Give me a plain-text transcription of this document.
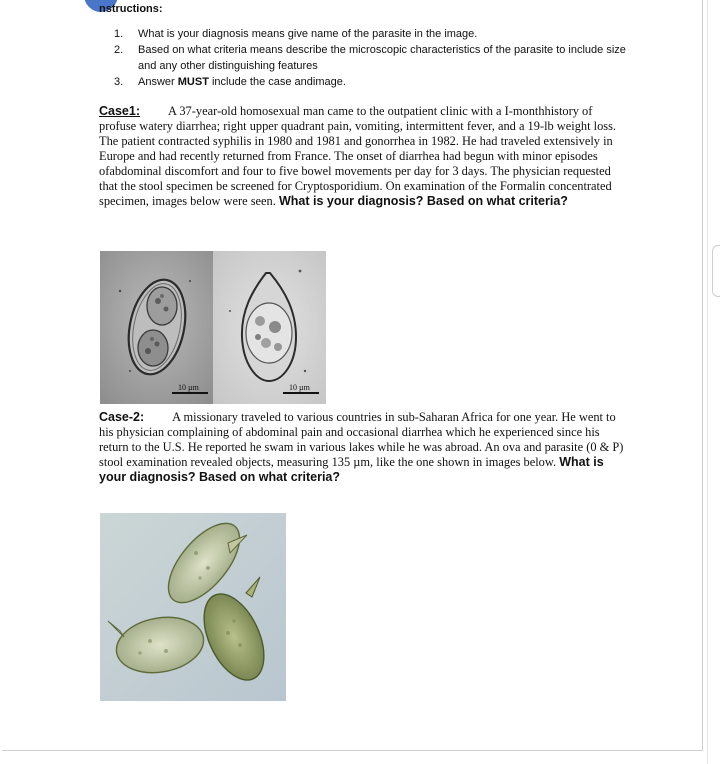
nstructions:
1.	What is your diagnosis means give name of the parasite in the image.
2.	Based on what criteria means describe the microscopic characteristics of the parasite to include size and any other distinguishing features
3.	Answer MUST include the case andimage.
Case1: A 37-year-old homosexual man came to the outpatient clinic with a I-monthhistory of profuse watery diarrhea; right upper quadrant pain, vomiting, intermittent fever, and a 19-lb weight loss. The patient contracted syphilis in 1980 and 1981 and gonorrhea in 1982. He had traveled extensively in Europe and had recently returned from France. The onset of diarrhea had begun with minor episodes ofabdominal discomfort and four to five bowel movements per day for 3 days. The physician requested that the stool specimen be screened for Cryptosporidium. On examination of the Formalin concentrated specimen, images below were seen. What is your diagnosis? Based on what criteria?
10 µm	10 µm
Case-2: A missionary traveled to various countries in sub-Saharan Africa for one year. He went to his physician complaining of abdominal pain and occasional diarrhea which he experienced since his return to the U.S. He reported he swam in various lakes while he was abroad. An ova and parasite (0 & P) stool examination revealed objects, measuring 135 µm, like the one shown in images below. What is your diagnosis? Based on what criteria?
